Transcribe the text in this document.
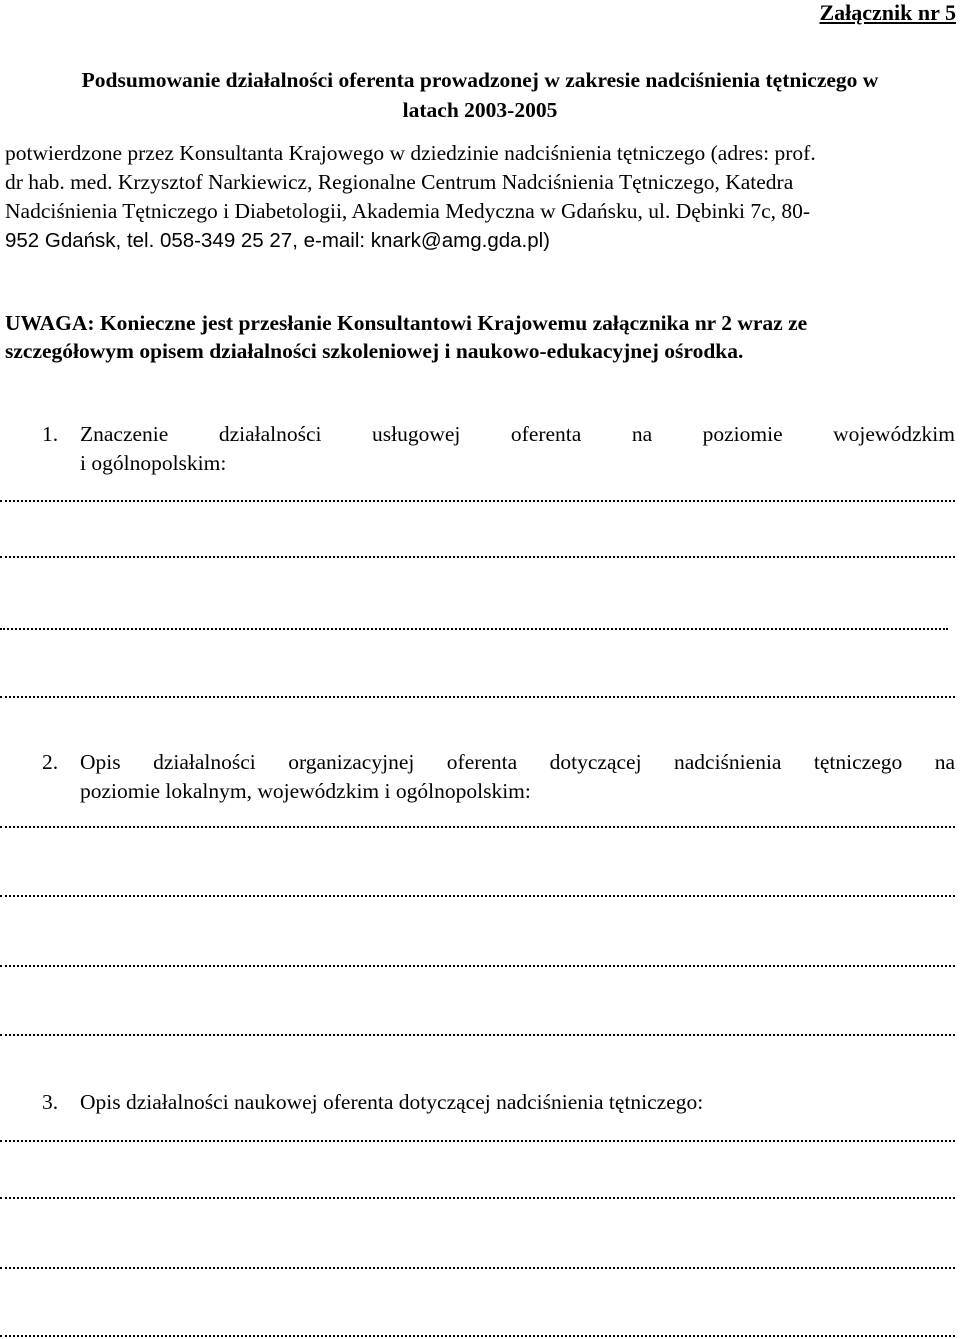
Załącznik nr 5
Podsumowanie działalności oferenta prowadzonej w zakresie nadciśnienia tętniczego w
latach 2003-2005
potwierdzone przez Konsultanta Krajowego w dziedzinie nadciśnienia tętniczego (adres: prof.
dr hab. med. Krzysztof Narkiewicz, Regionalne Centrum Nadciśnienia Tętniczego, Katedra
Nadciśnienia Tętniczego i Diabetologii, Akademia Medyczna w Gdańsku, ul. Dębinki 7c, 80-
952 Gdańsk, tel. 058-349 25 27, e-mail: knark@amg.gda.pl)
UWAGA: Konieczne jest przesłanie Konsultantowi Krajowemu załącznika nr 2 wraz ze
szczegółowym opisem działalności szkoleniowej i naukowo-edukacyjnej ośrodka.
1. Znaczenie działalności usługowej oferenta na poziomie wojewódzkim
i ogólnopolskim:
2. Opis działalności organizacyjnej oferenta dotyczącej nadciśnienia tętniczego na
poziomie lokalnym, wojewódzkim i ogólnopolskim:
3. Opis działalności naukowej oferenta dotyczącej nadciśnienia tętniczego:
